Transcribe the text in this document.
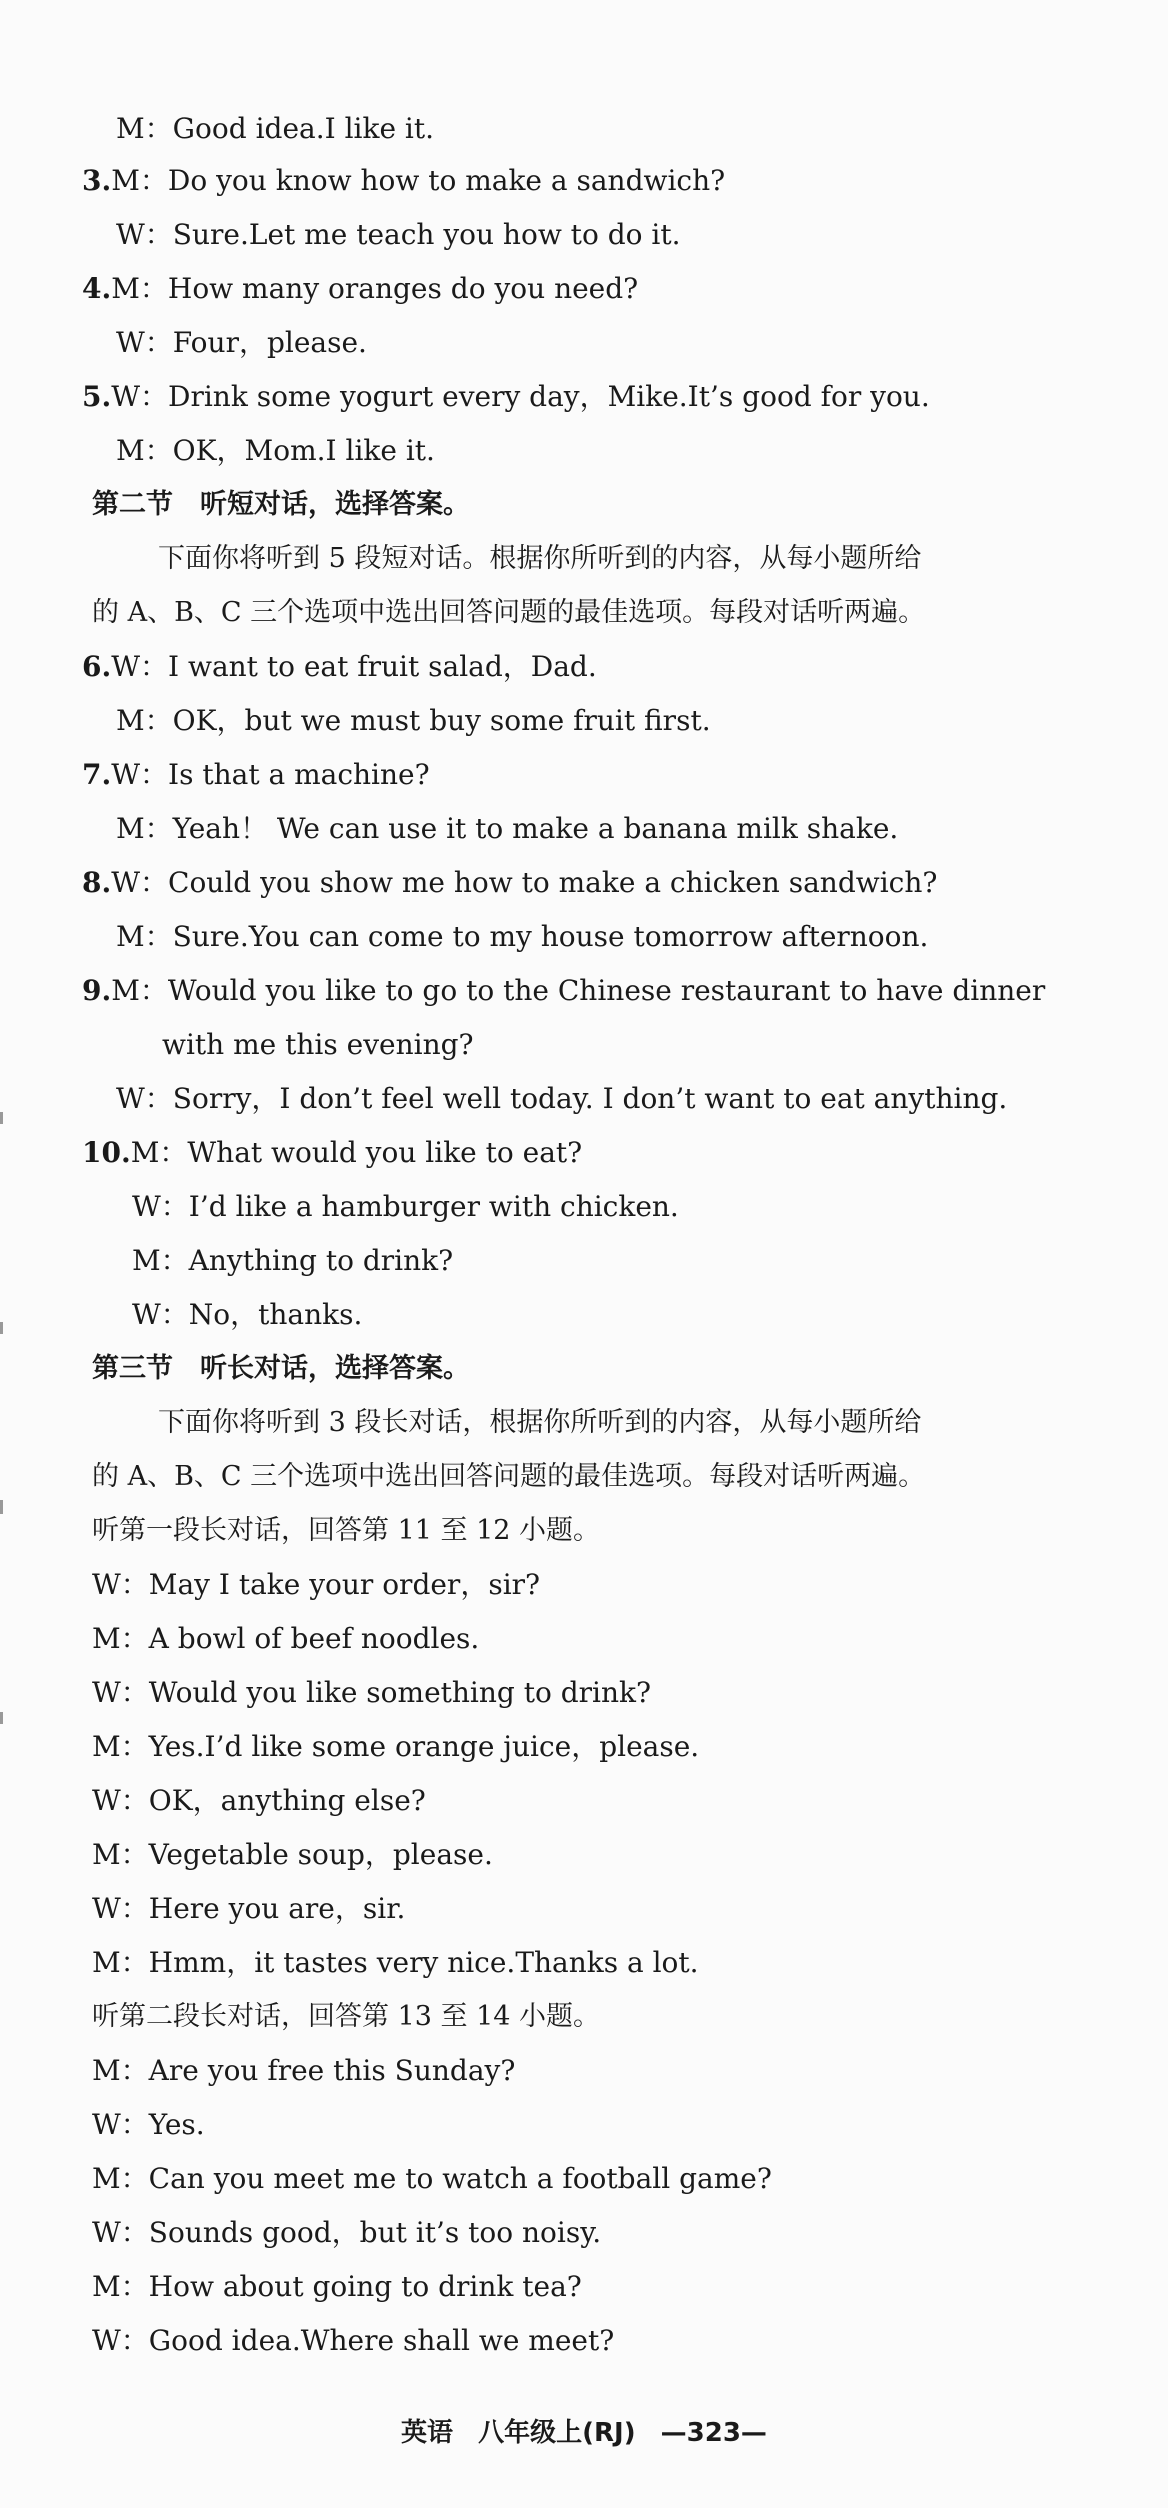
M：Good idea.I like it.
3.M：Do you know how to make a sandwich?
W：Sure.Let me teach you how to do it.
4.M：How many oranges do you need?
W：Four，please.
5.W：Drink some yogurt every day，Mike.It’s good for you.
M：OK，Mom.I like it.
第二节　听短对话，选择答案。
下面你将听到 5 段短对话。根据你所听到的内容，从每小题所给
的 A、B、C 三个选项中选出回答问题的最佳选项。每段对话听两遍。
6.W：I want to eat fruit salad，Dad.
M：OK，but we must buy some fruit first.
7.W：Is that a machine?
M：Yeah！ We can use it to make a banana milk shake.
8.W：Could you show me how to make a chicken sandwich?
M：Sure.You can come to my house tomorrow afternoon.
9.M：Would you like to go to the Chinese restaurant to have dinner
with me this evening?
W：Sorry，I don’t feel well today. I don’t want to eat anything.
10.M：What would you like to eat?
W：I’d like a hamburger with chicken.
M：Anything to drink?
W：No，thanks.
第三节　听长对话，选择答案。
下面你将听到 3 段长对话，根据你所听到的内容，从每小题所给
的 A、B、C 三个选项中选出回答问题的最佳选项。每段对话听两遍。
听第一段长对话，回答第 11 至 12 小题。
W：May I take your order，sir?
M：A bowl of beef noodles.
W：Would you like something to drink?
M：Yes.I’d like some orange juice，please.
W：OK，anything else?
M：Vegetable soup，please.
W：Here you are，sir.
M：Hmm，it tastes very nice.Thanks a lot.
听第二段长对话，回答第 13 至 14 小题。
M：Are you free this Sunday?
W：Yes.
M：Can you meet me to watch a football game?
W：Sounds good，but it’s too noisy.
M：How about going to drink tea?
W：Good idea.Where shall we meet?
英语 八年级上(RJ) —323—
